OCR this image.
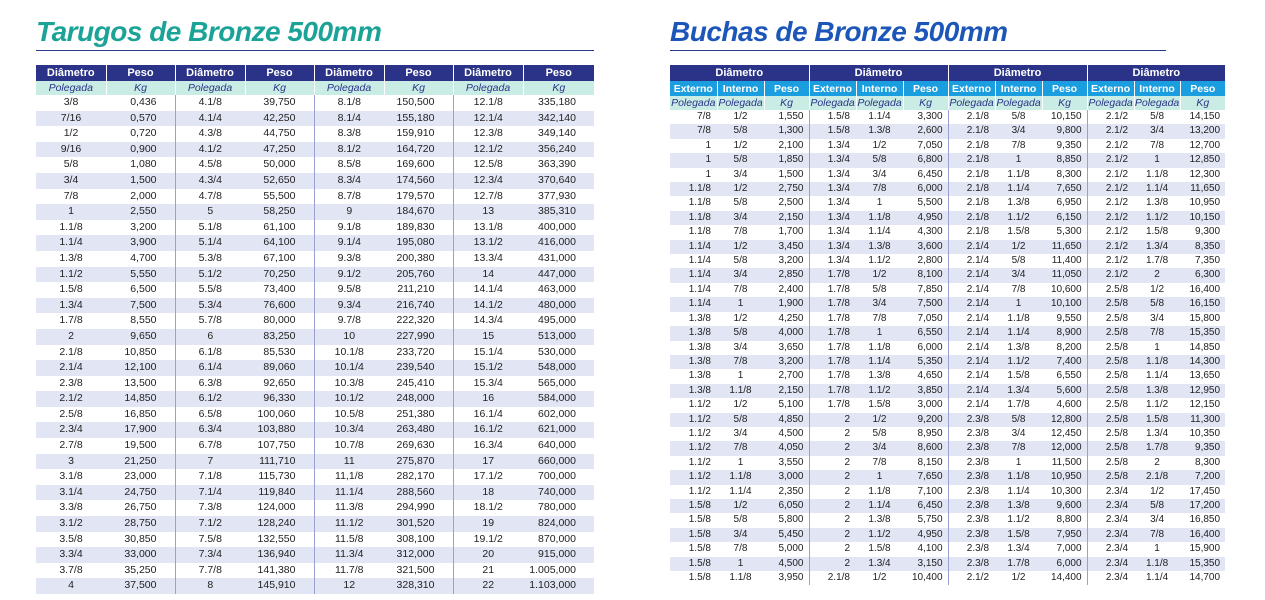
Tarugos de Bronze 500mm
Diâmetro	Peso	Diâmetro	Peso	Diâmetro	Peso	Diâmetro	Peso
Polegada	Kg	Polegada	Kg	Polegada	Kg	Polegada	Kg
3/8	0,436	4.1/8	39,750	8.1/8	150,500	12.1/8	335,180
7/16	0,570	4.1/4	42,250	8.1/4	155,180	12.1/4	342,140
1/2	0,720	4.3/8	44,750	8.3/8	159,910	12.3/8	349,140
9/16	0,900	4.1/2	47,250	8.1/2	164,720	12.1/2	356,240
5/8	1,080	4.5/8	50,000	8.5/8	169,600	12.5/8	363,390
3/4	1,500	4.3/4	52,650	8.3/4	174,560	12.3/4	370,640
7/8	2,000	4.7/8	55,500	8.7/8	179,570	12.7/8	377,930
1	2,550	5	58,250	9	184,670	13	385,310
1.1/8	3,200	5.1/8	61,100	9.1/8	189,830	13.1/8	400,000
1.1/4	3,900	5.1/4	64,100	9.1/4	195,080	13.1/2	416,000
1.3/8	4,700	5.3/8	67,100	9.3/8	200,380	13.3/4	431,000
1.1/2	5,550	5.1/2	70,250	9.1/2	205,760	14	447,000
1.5/8	6,500	5.5/8	73,400	9.5/8	211,210	14.1/4	463,000
1.3/4	7,500	5.3/4	76,600	9.3/4	216,740	14.1/2	480,000
1.7/8	8,550	5.7/8	80,000	9.7/8	222,320	14.3/4	495,000
2	9,650	6	83,250	10	227,990	15	513,000
2.1/8	10,850	6.1/8	85,530	10.1/8	233,720	15.1/4	530,000
2.1/4	12,100	6.1/4	89,060	10.1/4	239,540	15.1/2	548,000
2.3/8	13,500	6.3/8	92,650	10.3/8	245,410	15.3/4	565,000
2.1/2	14,850	6.1/2	96,330	10.1/2	248,000	16	584,000
2.5/8	16,850	6.5/8	100,060	10.5/8	251,380	16.1/4	602,000
2.3/4	17,900	6.3/4	103,880	10.3/4	263,480	16.1/2	621,000
2.7/8	19,500	6.7/8	107,750	10.7/8	269,630	16.3/4	640,000
3	21,250	7	111,710	11	275,870	17	660,000
3.1/8	23,000	7.1/8	115,730	11,1/8	282,170	17.1/2	700,000
3.1/4	24,750	7.1/4	119,840	11.1/4	288,560	18	740,000
3.3/8	26,750	7.3/8	124,000	11.3/8	294,990	18.1/2	780,000
3.1/2	28,750	7.1/2	128,240	11.1/2	301,520	19	824,000
3.5/8	30,850	7.5/8	132,550	11.5/8	308,100	19.1/2	870,000
3.3/4	33,000	7.3/4	136,940	11.3/4	312,000	20	915,000
3.7/8	35,250	7.7/8	141,380	11.7/8	321,500	21	1.005,000
4	37,500	8	145,910	12	328,310	22	1.103,000
Buchas de Bronze 500mm
Diâmetro			Diâmetro			Diâmetro			Diâmetro		
Externo	Interno	Peso	Externo	Interno	Peso	Externo	Interno	Peso	Externo	Interno	Peso
Polegada	Polegada	Kg	Polegada	Polegada	Kg	Polegada	Polegada	Kg	Polegada	Polegada	Kg
7/8	1/2	1,550	1.5/8	1.1/4	3,300	2.1/8	5/8	10,150	2.1/2	5/8	14,150
7/8	5/8	1,300	1.5/8	1.3/8	2,600	2.1/8	3/4	9,800	2.1/2	3/4	13,200
1	1/2	2,100	1.3/4	1/2	7,050	2.1/8	7/8	9,350	2.1/2	7/8	12,700
1	5/8	1,850	1.3/4	5/8	6,800	2.1/8	1	8,850	2.1/2	1	12,850
1	3/4	1,500	1.3/4	3/4	6,450	2.1/8	1.1/8	8,300	2.1/2	1.1/8	12,300
1.1/8	1/2	2,750	1.3/4	7/8	6,000	2.1/8	1.1/4	7,650	2.1/2	1.1/4	11,650
1.1/8	5/8	2,500	1.3/4	1	5,500	2.1/8	1.3/8	6,950	2.1/2	1.3/8	10,950
1.1/8	3/4	2,150	1.3/4	1.1/8	4,950	2.1/8	1.1/2	6,150	2.1/2	1.1/2	10,150
1.1/8	7/8	1,700	1.3/4	1.1/4	4,300	2.1/8	1.5/8	5,300	2.1/2	1.5/8	9,300
1.1/4	1/2	3,450	1.3/4	1.3/8	3,600	2.1/4	1/2	11,650	2.1/2	1.3/4	8,350
1.1/4	5/8	3,200	1.3/4	1.1/2	2,800	2.1/4	5/8	11,400	2.1/2	1.7/8	7,350
1.1/4	3/4	2,850	1.7/8	1/2	8,100	2.1/4	3/4	11,050	2.1/2	2	6,300
1.1/4	7/8	2,400	1.7/8	5/8	7,850	2.1/4	7/8	10,600	2.5/8	1/2	16,400
1.1/4	1	1,900	1.7/8	3/4	7,500	2.1/4	1	10,100	2.5/8	5/8	16,150
1.3/8	1/2	4,250	1.7/8	7/8	7,050	2.1/4	1.1/8	9,550	2.5/8	3/4	15,800
1.3/8	5/8	4,000	1.7/8	1	6,550	2.1/4	1.1/4	8,900	2.5/8	7/8	15,350
1.3/8	3/4	3,650	1.7/8	1.1/8	6,000	2.1/4	1.3/8	8,200	2.5/8	1	14,850
1.3/8	7/8	3,200	1.7/8	1.1/4	5,350	2.1/4	1.1/2	7,400	2.5/8	1.1/8	14,300
1.3/8	1	2,700	1.7/8	1.3/8	4,650	2.1/4	1.5/8	6,550	2.5/8	1.1/4	13,650
1.3/8	1.1/8	2,150	1.7/8	1.1/2	3,850	2.1/4	1.3/4	5,600	2.5/8	1.3/8	12,950
1.1/2	1/2	5,100	1.7/8	1.5/8	3,000	2.1/4	1.7/8	4,600	2.5/8	1.1/2	12,150
1.1/2	5/8	4,850	2	1/2	9,200	2.3/8	5/8	12,800	2.5/8	1.5/8	11,300
1.1/2	3/4	4,500	2	5/8	8,950	2.3/8	3/4	12,450	2.5/8	1.3/4	10,350
1.1/2	7/8	4,050	2	3/4	8,600	2.3/8	7/8	12,000	2.5/8	1.7/8	9,350
1.1/2	1	3,550	2	7/8	8,150	2.3/8	1	11,500	2.5/8	2	8,300
1.1/2	1.1/8	3,000	2	1	7,650	2.3/8	1.1/8	10,950	2.5/8	2.1/8	7,200
1.1/2	1.1/4	2,350	2	1.1/8	7,100	2.3/8	1.1/4	10,300	2.3/4	1/2	17,450
1.5/8	1/2	6,050	2	1.1/4	6,450	2.3/8	1.3/8	9,600	2.3/4	5/8	17,200
1.5/8	5/8	5,800	2	1.3/8	5,750	2.3/8	1.1/2	8,800	2.3/4	3/4	16,850
1.5/8	3/4	5,450	2	1.1/2	4,950	2.3/8	1.5/8	7,950	2.3/4	7/8	16,400
1.5/8	7/8	5,000	2	1.5/8	4,100	2.3/8	1.3/4	7,000	2.3/4	1	15,900
1.5/8	1	4,500	2	1.3/4	3,150	2.3/8	1.7/8	6,000	2.3/4	1.1/8	15,350
1.5/8	1.1/8	3,950	2.1/8	1/2	10,400	2.1/2	1/2	14,400	2.3/4	1.1/4	14,700
